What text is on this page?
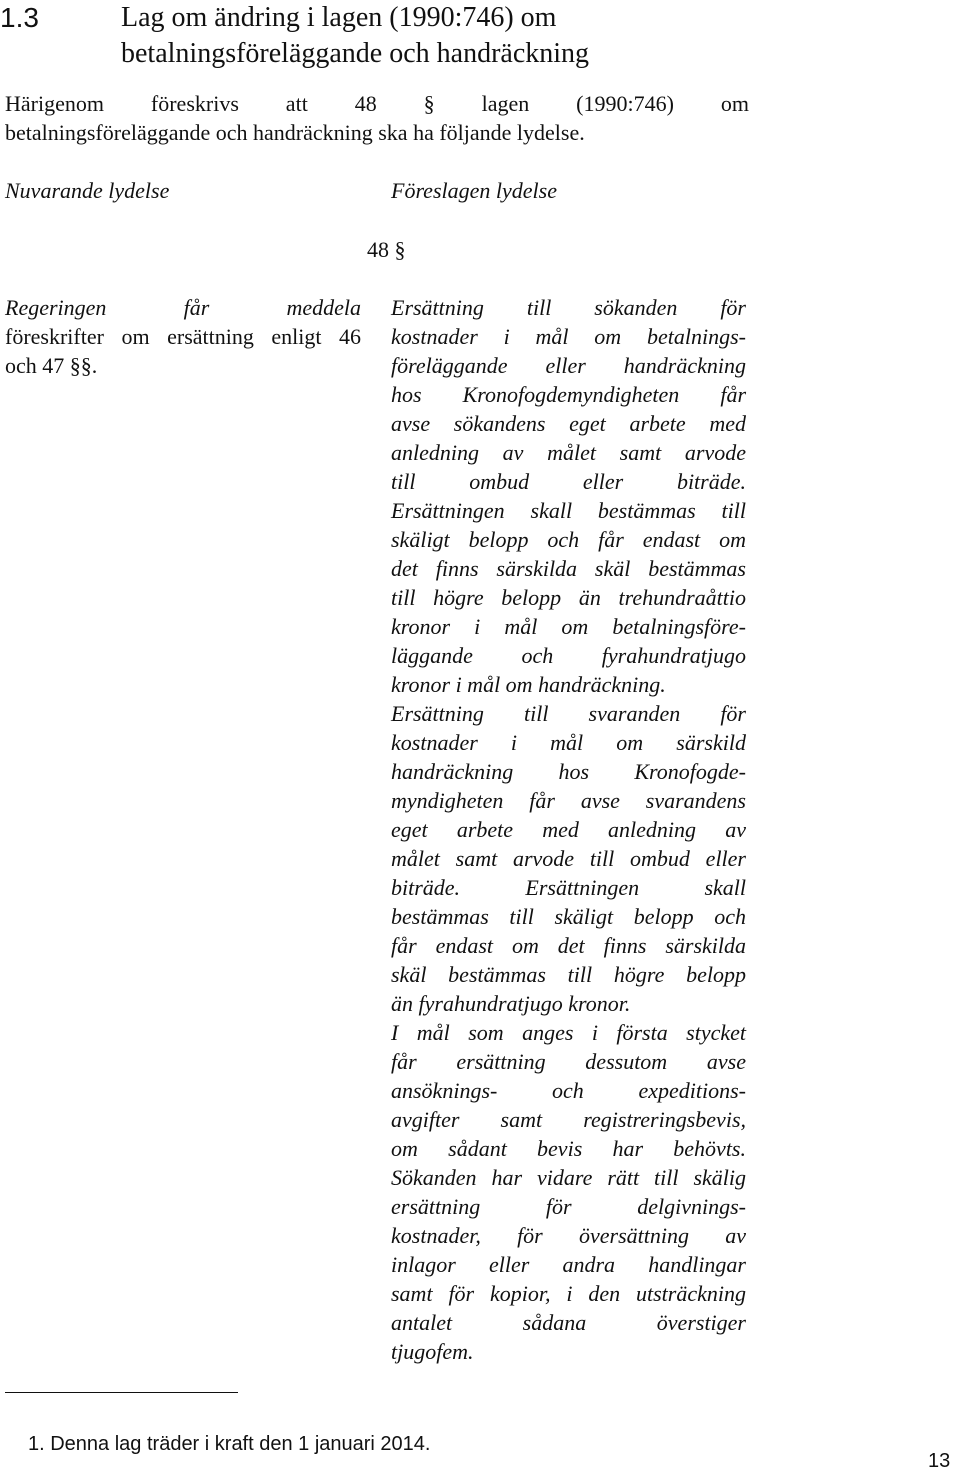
1.3	Lag om ändring i lagen (1990:746) om
betalningsföreläggande och handräckning
Härigenom föreskrivs att 48 § lagen (1990:746) om
betalningsföreläggande och handräckning ska ha följande lydelse.
Nuvarande lydelse	Föreslagen lydelse
48 §
Regeringen får meddela
föreskrifter om ersättning enligt 46
och 47 §§.
Ersättning till sökanden för
kostnader i mål om betalnings-
föreläggande eller handräckning
hos Kronofogdemyndigheten får
avse sökandens eget arbete med
anledning av målet samt arvode
till ombud eller biträde.
Ersättningen skall bestämmas till
skäligt belopp och får endast om
det finns särskilda skäl bestämmas
till högre belopp än trehundraåttio
kronor i mål om betalningsföre-
läggande och fyrahundratjugo
kronor i mål om handräckning.
Ersättning till svaranden för
kostnader i mål om särskild
handräckning hos Kronofogde-
myndigheten får avse svarandens
eget arbete med anledning av
målet samt arvode till ombud eller
biträde. Ersättningen skall
bestämmas till skäligt belopp och
får endast om det finns särskilda
skäl bestämmas till högre belopp
än fyrahundratjugo kronor.
I mål som anges i första stycket
får ersättning dessutom avse
ansöknings- och expeditions-
avgifter samt registreringsbevis,
om sådant bevis har behövts.
Sökanden har vidare rätt till skälig
ersättning för delgivnings-
kostnader, för översättning av
inlagor eller andra handlingar
samt för kopior, i den utsträckning
antalet sådana överstiger
tjugofem.
1. Denna lag träder i kraft den 1 januari 2014.
13
